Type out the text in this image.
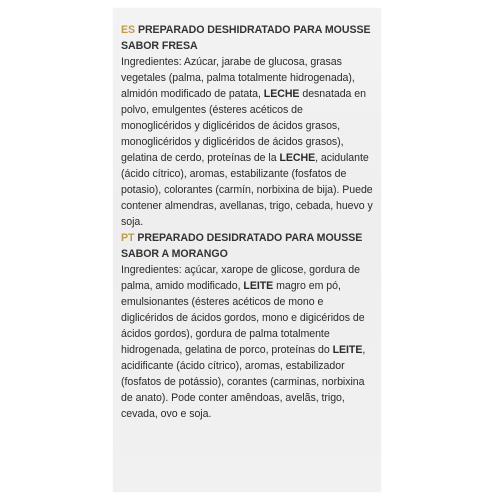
ES PREPARADO DESHIDRATADO PARA MOUSSE
SABOR FRESA

Ingredientes: Azúcar, jarabe de glucosa, grasas vegetales (palma, palma totalmente hidrogenada), almidón modificado de patata, LECHE desnatada en polvo, emulgentes (ésteres acéticos de monoglicéridos y diglicéridos de ácidos grasos, monoglicéridos y diglicéridos de ácidos grasos), gelatina de cerdo, proteínas de la LECHE, acidulante (ácido cítrico), aromas, estabilizante (fosfatos de potasio), colorantes (carmín, norbixina de bija). Puede contener almendras, avellanas, trigo, cebada, huevo y soja.

PT PREPARADO DESIDRATADO PARA MOUSSE
SABOR A MORANGO

Ingredientes: açúcar, xarope de glicose, gordura de palma, amido modificado, LEITE magro em pó, emulsionantes (ésteres acéticos de mono e diglicéridos de ácidos gordos, mono e digicéridos de ácidos gordos), gordura de palma totalmente hidrogenada, gelatina de porco, proteínas do LEITE, acidificante (ácido cítrico), aromas, estabilizador (fosfatos de potássio), corantes (carminas, norbixina de anato). Pode conter amêndoas, avelãs, trigo, cevada, ovo e soja.
